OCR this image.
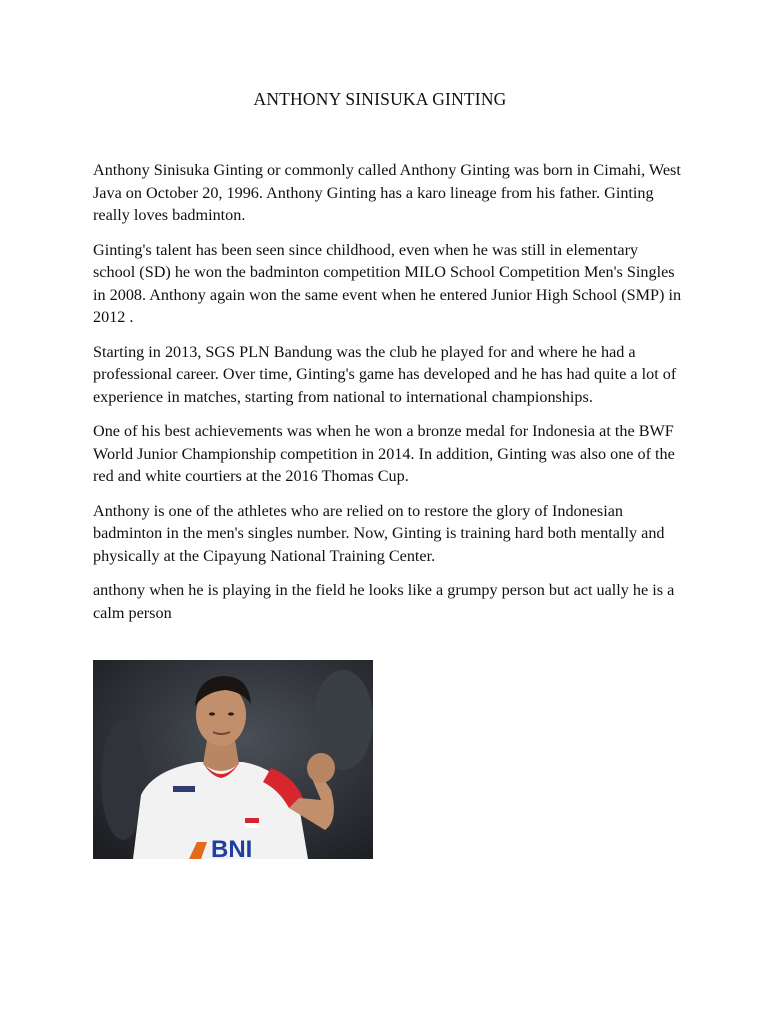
ANTHONY SINISUKA GINTING

Anthony Sinisuka Ginting or commonly called Anthony Ginting was born in Cimahi, West Java on October 20, 1996. Anthony Ginting has a karo lineage from his father. Ginting really loves badminton.

Ginting's talent has been seen since childhood, even when he was still in elementary school (SD) he won the badminton competition MILO School Competition Men's Singles in 2008. Anthony again won the same event when he entered Junior High School (SMP) in 2012 .

Starting in 2013, SGS PLN Bandung was the club he played for and where he had a professional career. Over time, Ginting's game has developed and he has had quite a lot of experience in matches, starting from national to international championships.

One of his best achievements was when he won a bronze medal for Indonesia at the BWF World Junior Championship competition in 2014. In addition, Ginting was also one of the red and white courtiers at the 2016 Thomas Cup.

Anthony is one of the athletes who are relied on to restore the glory of Indonesian badminton in the men's singles number. Now, Ginting is training hard both mentally and physically at the Cipayung National Training Center.

anthony when he is playing in the field he looks like a grumpy person but act ually he is a calm person

BNI
